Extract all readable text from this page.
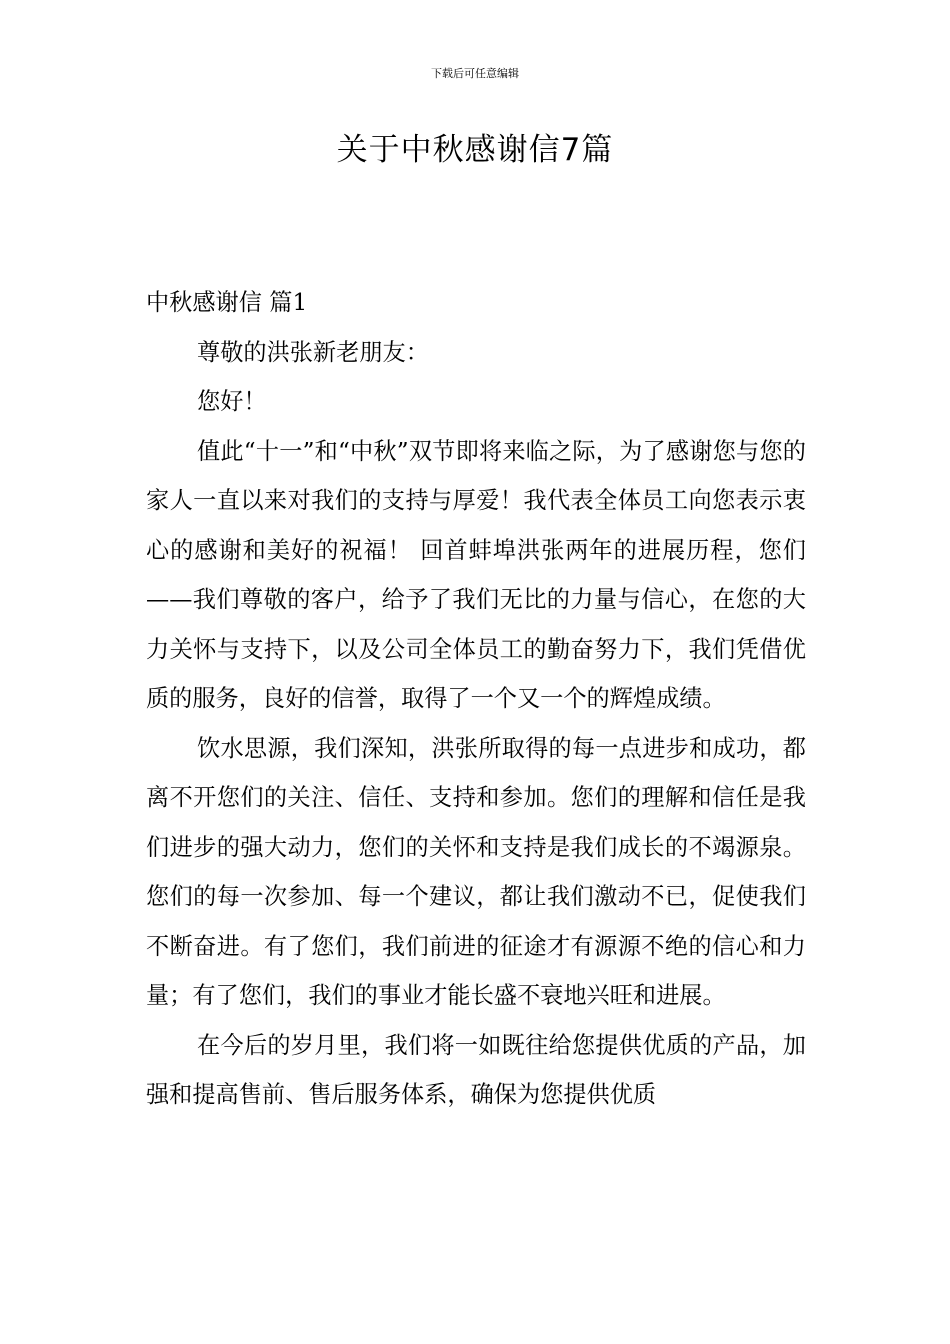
下载后可任意编辑
关于中秋感谢信7篇

中秋感谢信 篇1

尊敬的洪张新老朋友：

您好！

值此“十一”和“中秋”双节即将来临之际，为了感谢您与您的家人一直以来对我们的支持与厚爱！我代表全体员工向您表示衷心的感谢和美好的祝福！ 回首蚌埠洪张两年的进展历程，您们——我们尊敬的客户，给予了我们无比的力量与信心，在您的大力关怀与支持下，以及公司全体员工的勤奋努力下，我们凭借优质的服务，良好的信誉，取得了一个又一个的辉煌成绩。

饮水思源，我们深知，洪张所取得的每一点进步和成功，都离不开您们的关注、信任、支持和参加。您们的理解和信任是我们进步的强大动力，您们的关怀和支持是我们成长的不竭源泉。您们的每一次参加、每一个建议，都让我们激动不已，促使我们不断奋进。有了您们，我们前进的征途才有源源不绝的信心和力量；有了您们，我们的事业才能长盛不衰地兴旺和进展。

在今后的岁月里，我们将一如既往给您提供优质的产品，加强和提高售前、售后服务体系，确保为您提供优质
